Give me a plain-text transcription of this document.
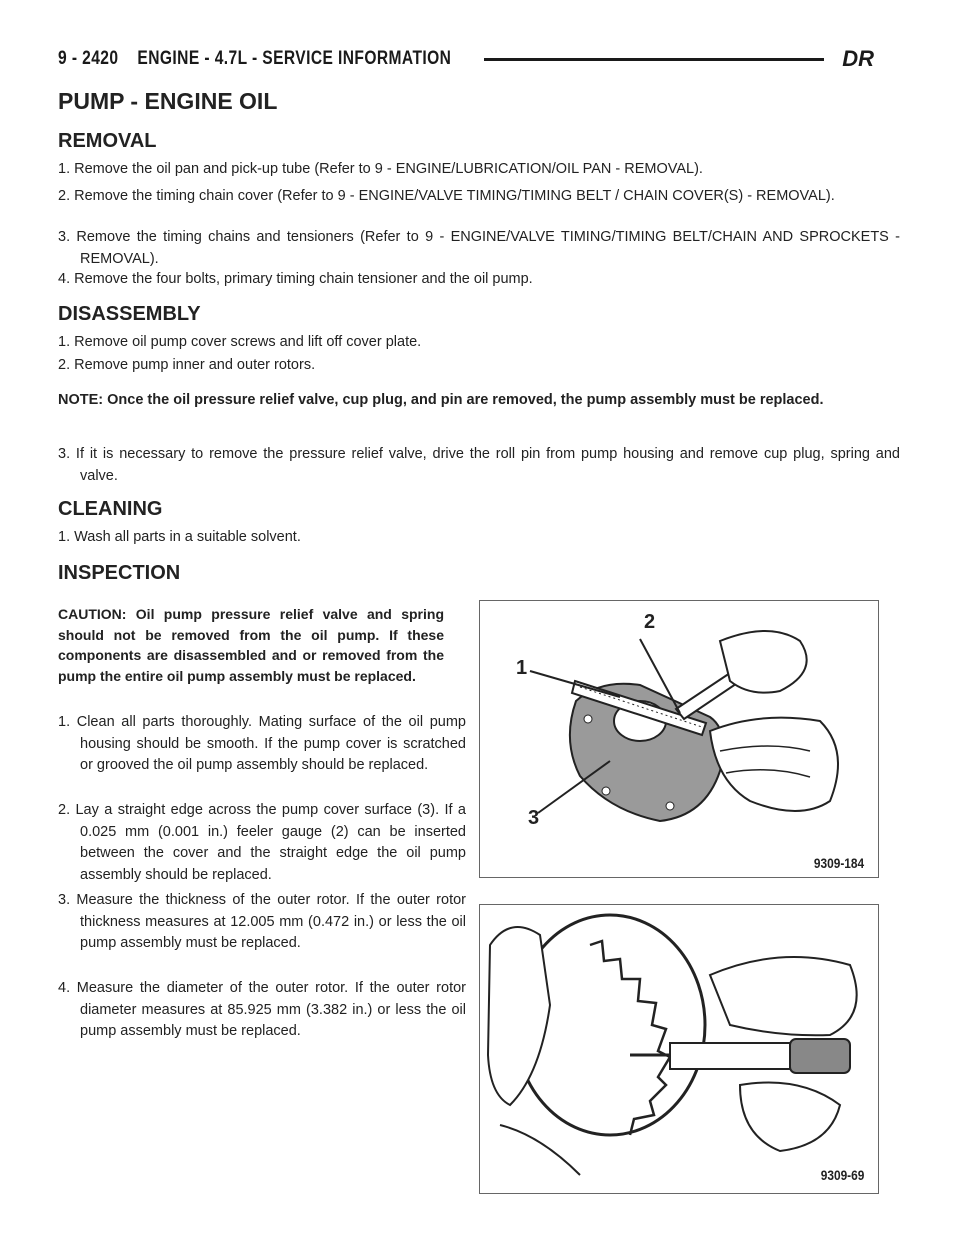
9 - 2420 ENGINE - 4.7L - SERVICE INFORMATION	DR
PUMP - ENGINE OIL
REMOVAL

1. Remove the oil pan and pick-up tube (Refer to 9 - ENGINE/LUBRICATION/OIL PAN - REMOVAL).

2. Remove the timing chain cover (Refer to 9 - ENGINE/VALVE TIMING/TIMING BELT / CHAIN COVER(S) - REMOVAL).

3. Remove the timing chains and tensioners (Refer to 9 - ENGINE/VALVE TIMING/TIMING BELT/CHAIN AND SPROCKETS - REMOVAL).

4. Remove the four bolts, primary timing chain tensioner and the oil pump.

DISASSEMBLY

1. Remove oil pump cover screws and lift off cover plate.

2. Remove pump inner and outer rotors.

NOTE: Once the oil pressure relief valve, cup plug, and pin are removed, the pump assembly must be replaced.

3. If it is necessary to remove the pressure relief valve, drive the roll pin from pump housing and remove cup plug, spring and valve.

CLEANING

1. Wash all parts in a suitable solvent.

INSPECTION

CAUTION: Oil pump pressure relief valve and spring should not be removed from the oil pump. If these components are disassembled and or removed from the pump the entire oil pump assembly must be replaced.

1. Clean all parts thoroughly. Mating surface of the oil pump housing should be smooth. If the pump cover is scratched or grooved the oil pump assembly should be replaced.

2. Lay a straight edge across the pump cover surface (3). If a 0.025 mm (0.001 in.) feeler gauge (2) can be inserted between the cover and the straight edge the oil pump assembly should be replaced.

3. Measure the thickness of the outer rotor. If the outer rotor thickness measures at 12.005 mm (0.472 in.) or less the oil pump assembly must be replaced.

4. Measure the diameter of the outer rotor. If the outer rotor diameter measures at 85.925 mm (3.382 in.) or less the oil pump assembly must be replaced.

1
2
3
9309-184
9309-69
